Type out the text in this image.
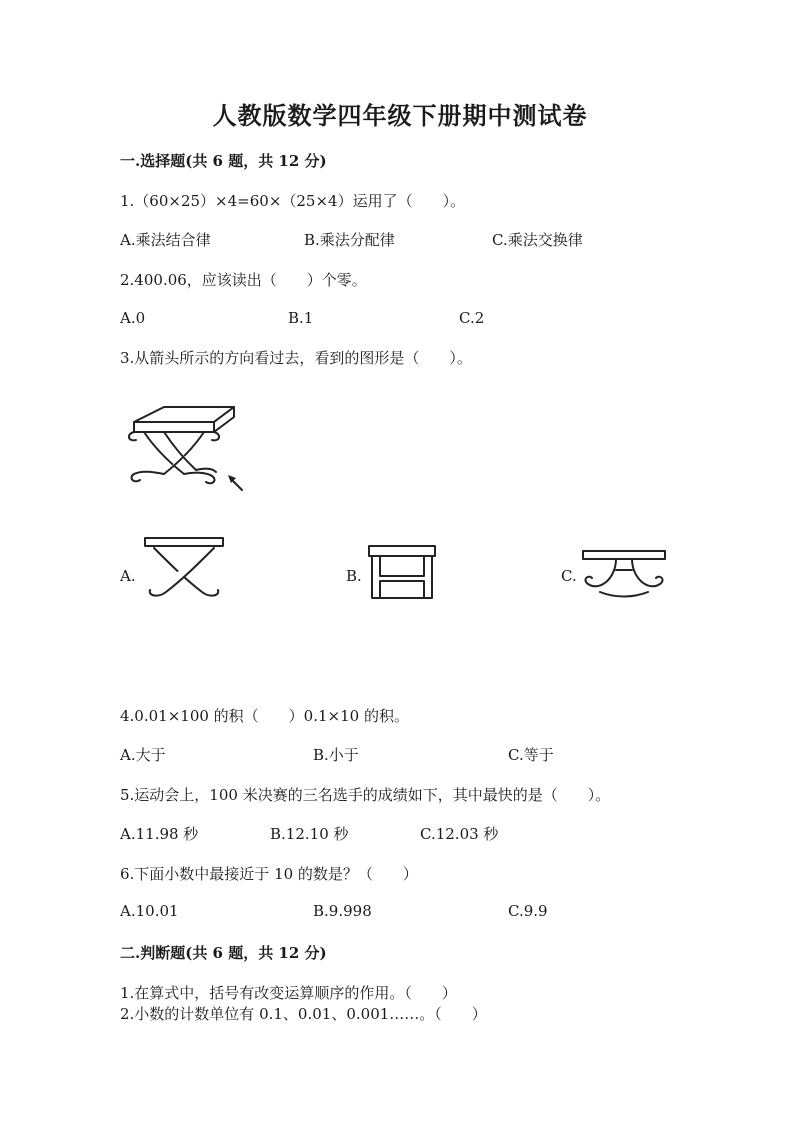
人教版数学四年级下册期中测试卷
一.选择题(共 6 题，共 12 分)
1.（60×25）×4=60×（25×4）运用了（　　）。
A.乘法结合律	B.乘法分配律	C.乘法交换律
2.400.06，应该读出（　　）个零。
A.0	B.1	C.2
3.从箭头所示的方向看过去，看到的图形是（　　）。
A.	B.	C.
4.0.01×100 的积（　　）0.1×10 的积。
A.大于	B.小于	C.等于
5.运动会上，100 米决赛的三名选手的成绩如下，其中最快的是（　　）。
A.11.98 秒	B.12.10 秒	C.12.03 秒
6.下面小数中最接近于 10 的数是？（　　）
A.10.01	B.9.998	C.9.9
二.判断题(共 6 题，共 12 分)
1.在算式中，括号有改变运算顺序的作用。（　　）
2.小数的计数单位有 0.1、0.01、0.001……。（　　）
